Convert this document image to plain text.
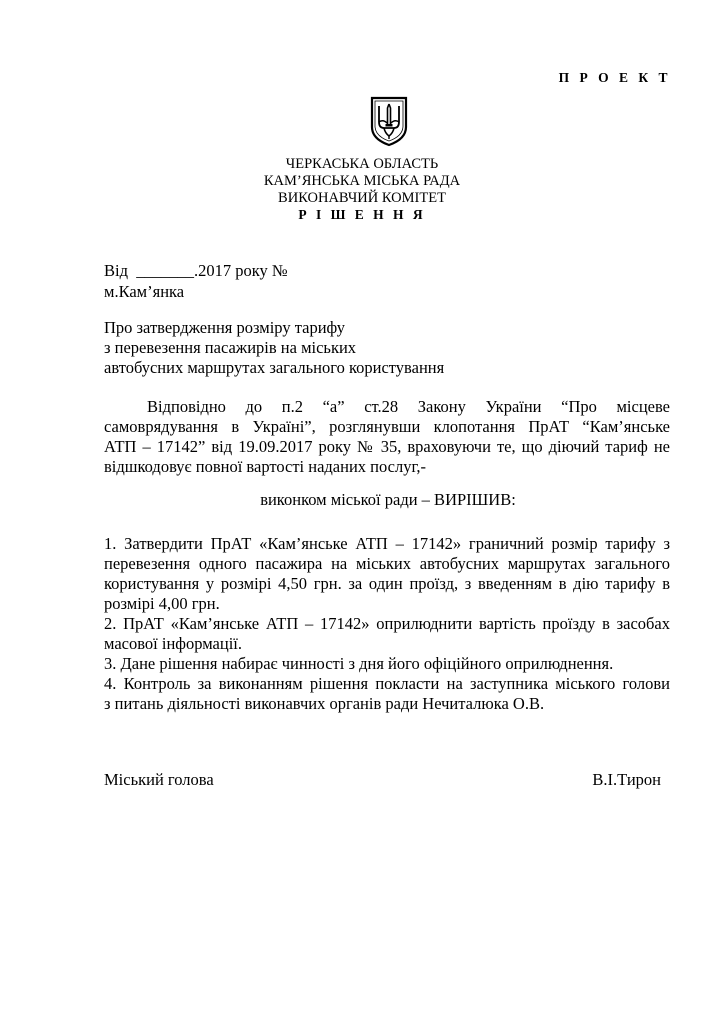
П Р О Е К Т
ЧЕРКАСЬКА ОБЛАСТЬ
КАМ’ЯНСЬКА МІСЬКА РАДА
ВИКОНАВЧИЙ КОМІТЕТ
Р І Ш Е Н Н Я
Від  _______.2017 року №
м.Кам’янка
Про затвердження розміру тарифу
з перевезення пасажирів на міських
автобусних маршрутах загального користування
Відповідно до п.2 “а” ст.28 Закону України “Про місцеве
самоврядування в Україні”, розглянувши клопотання ПрАТ “Кам’янське
АТП – 17142” від 19.09.2017 року № 35, враховуючи те, що діючий тариф не
відшкодовує повної вартості наданих послуг,-
виконком міської ради – ВИРІШИВ:
1. Затвердити ПрАТ «Кам’янське АТП – 17142» граничний розмір тарифу з
перевезення одного пасажира на міських автобусних маршрутах загального
користування у розмірі 4,50 грн. за один проїзд, з введенням в дію тарифу в
розмірі 4,00 грн.
2. ПрАТ «Кам’янське АТП – 17142» оприлюднити вартість проїзду в засобах
масової інформації.
3. Дане рішення набирає чинності з дня його офіційного оприлюднення.
4. Контроль за виконанням рішення покласти на заступника міського голови
з питань діяльності виконавчих органів ради Нечиталюка О.В.
Міський голова	В.І.Тирон
